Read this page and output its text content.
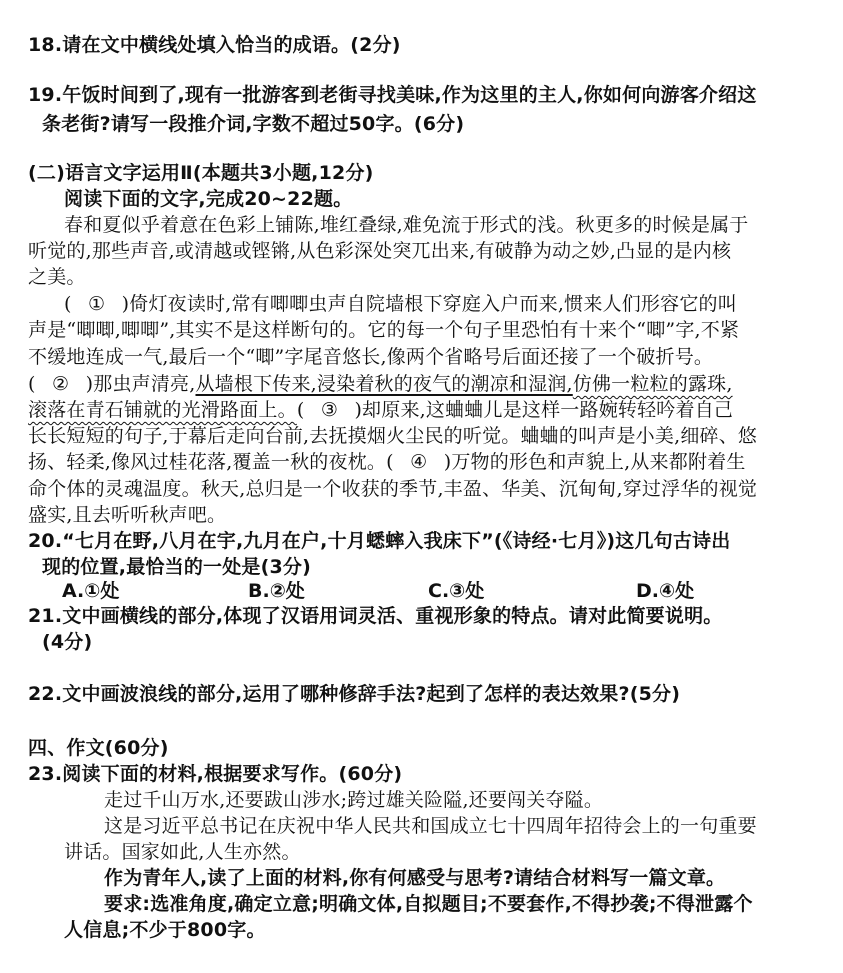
18.请在文中横线处填入恰当的成语。(2分)
19.午饭时间到了,现有一批游客到老街寻找美味,作为这里的主人,你如何向游客介绍这
条老街?请写一段推介词,字数不超过50字。(6分)
(二)语言文字运用Ⅱ(本题共3小题,12分)
阅读下面的文字,完成20~22题。
春和夏似乎着意在色彩上铺陈,堆红叠绿,难免流于形式的浅。秋更多的时候是属于
听觉的,那些声音,或清越或铿锵,从色彩深处突兀出来,有破静为动之妙,凸显的是内核
之美。
( ① )倚灯夜读时,常有唧唧虫声自院墙根下穿庭入户而来,惯来人们形容它的叫
声是“唧唧,唧唧”,其实不是这样断句的。它的每一个句子里恐怕有十来个“唧”字,不紧
不缓地连成一气,最后一个“唧”字尾音悠长,像两个省略号后面还接了一个破折号。
( ② )那虫声清亮,从墙根下传来,浸染着秋的夜气的潮凉和湿润,仿佛一粒粒的露珠,
滚落在青石铺就的光滑路面上。( ③ )却原来,这蛐蛐儿是这样一路婉转轻吟着自己
长长短短的句子,于幕后走向台前,去抚摸烟火尘民的听觉。蛐蛐的叫声是小美,细碎、悠
扬、轻柔,像风过桂花落,覆盖一秋的夜枕。( ④ )万物的形色和声貌上,从来都附着生
命个体的灵魂温度。秋天,总归是一个收获的季节,丰盈、华美、沉甸甸,穿过浮华的视觉
盛实,且去听听秋声吧。
20.“七月在野,八月在宇,九月在户,十月蟋蟀入我床下”(《诗经·七月》)这几句古诗出
现的位置,最恰当的一处是(3分)
A.①处	B.②处	C.③处	D.④处
21.文中画横线的部分,体现了汉语用词灵活、重视形象的特点。请对此简要说明。
(4分)
22.文中画波浪线的部分,运用了哪种修辞手法?起到了怎样的表达效果?(5分)
四、作文(60分)
23.阅读下面的材料,根据要求写作。(60分)
走过千山万水,还要跋山涉水;跨过雄关险隘,还要闯关夺隘。
这是习近平总书记在庆祝中华人民共和国成立七十四周年招待会上的一句重要
讲话。国家如此,人生亦然。
作为青年人,读了上面的材料,你有何感受与思考?请结合材料写一篇文章。
要求:选准角度,确定立意;明确文体,自拟题目;不要套作,不得抄袭;不得泄露个
人信息;不少于800字。
